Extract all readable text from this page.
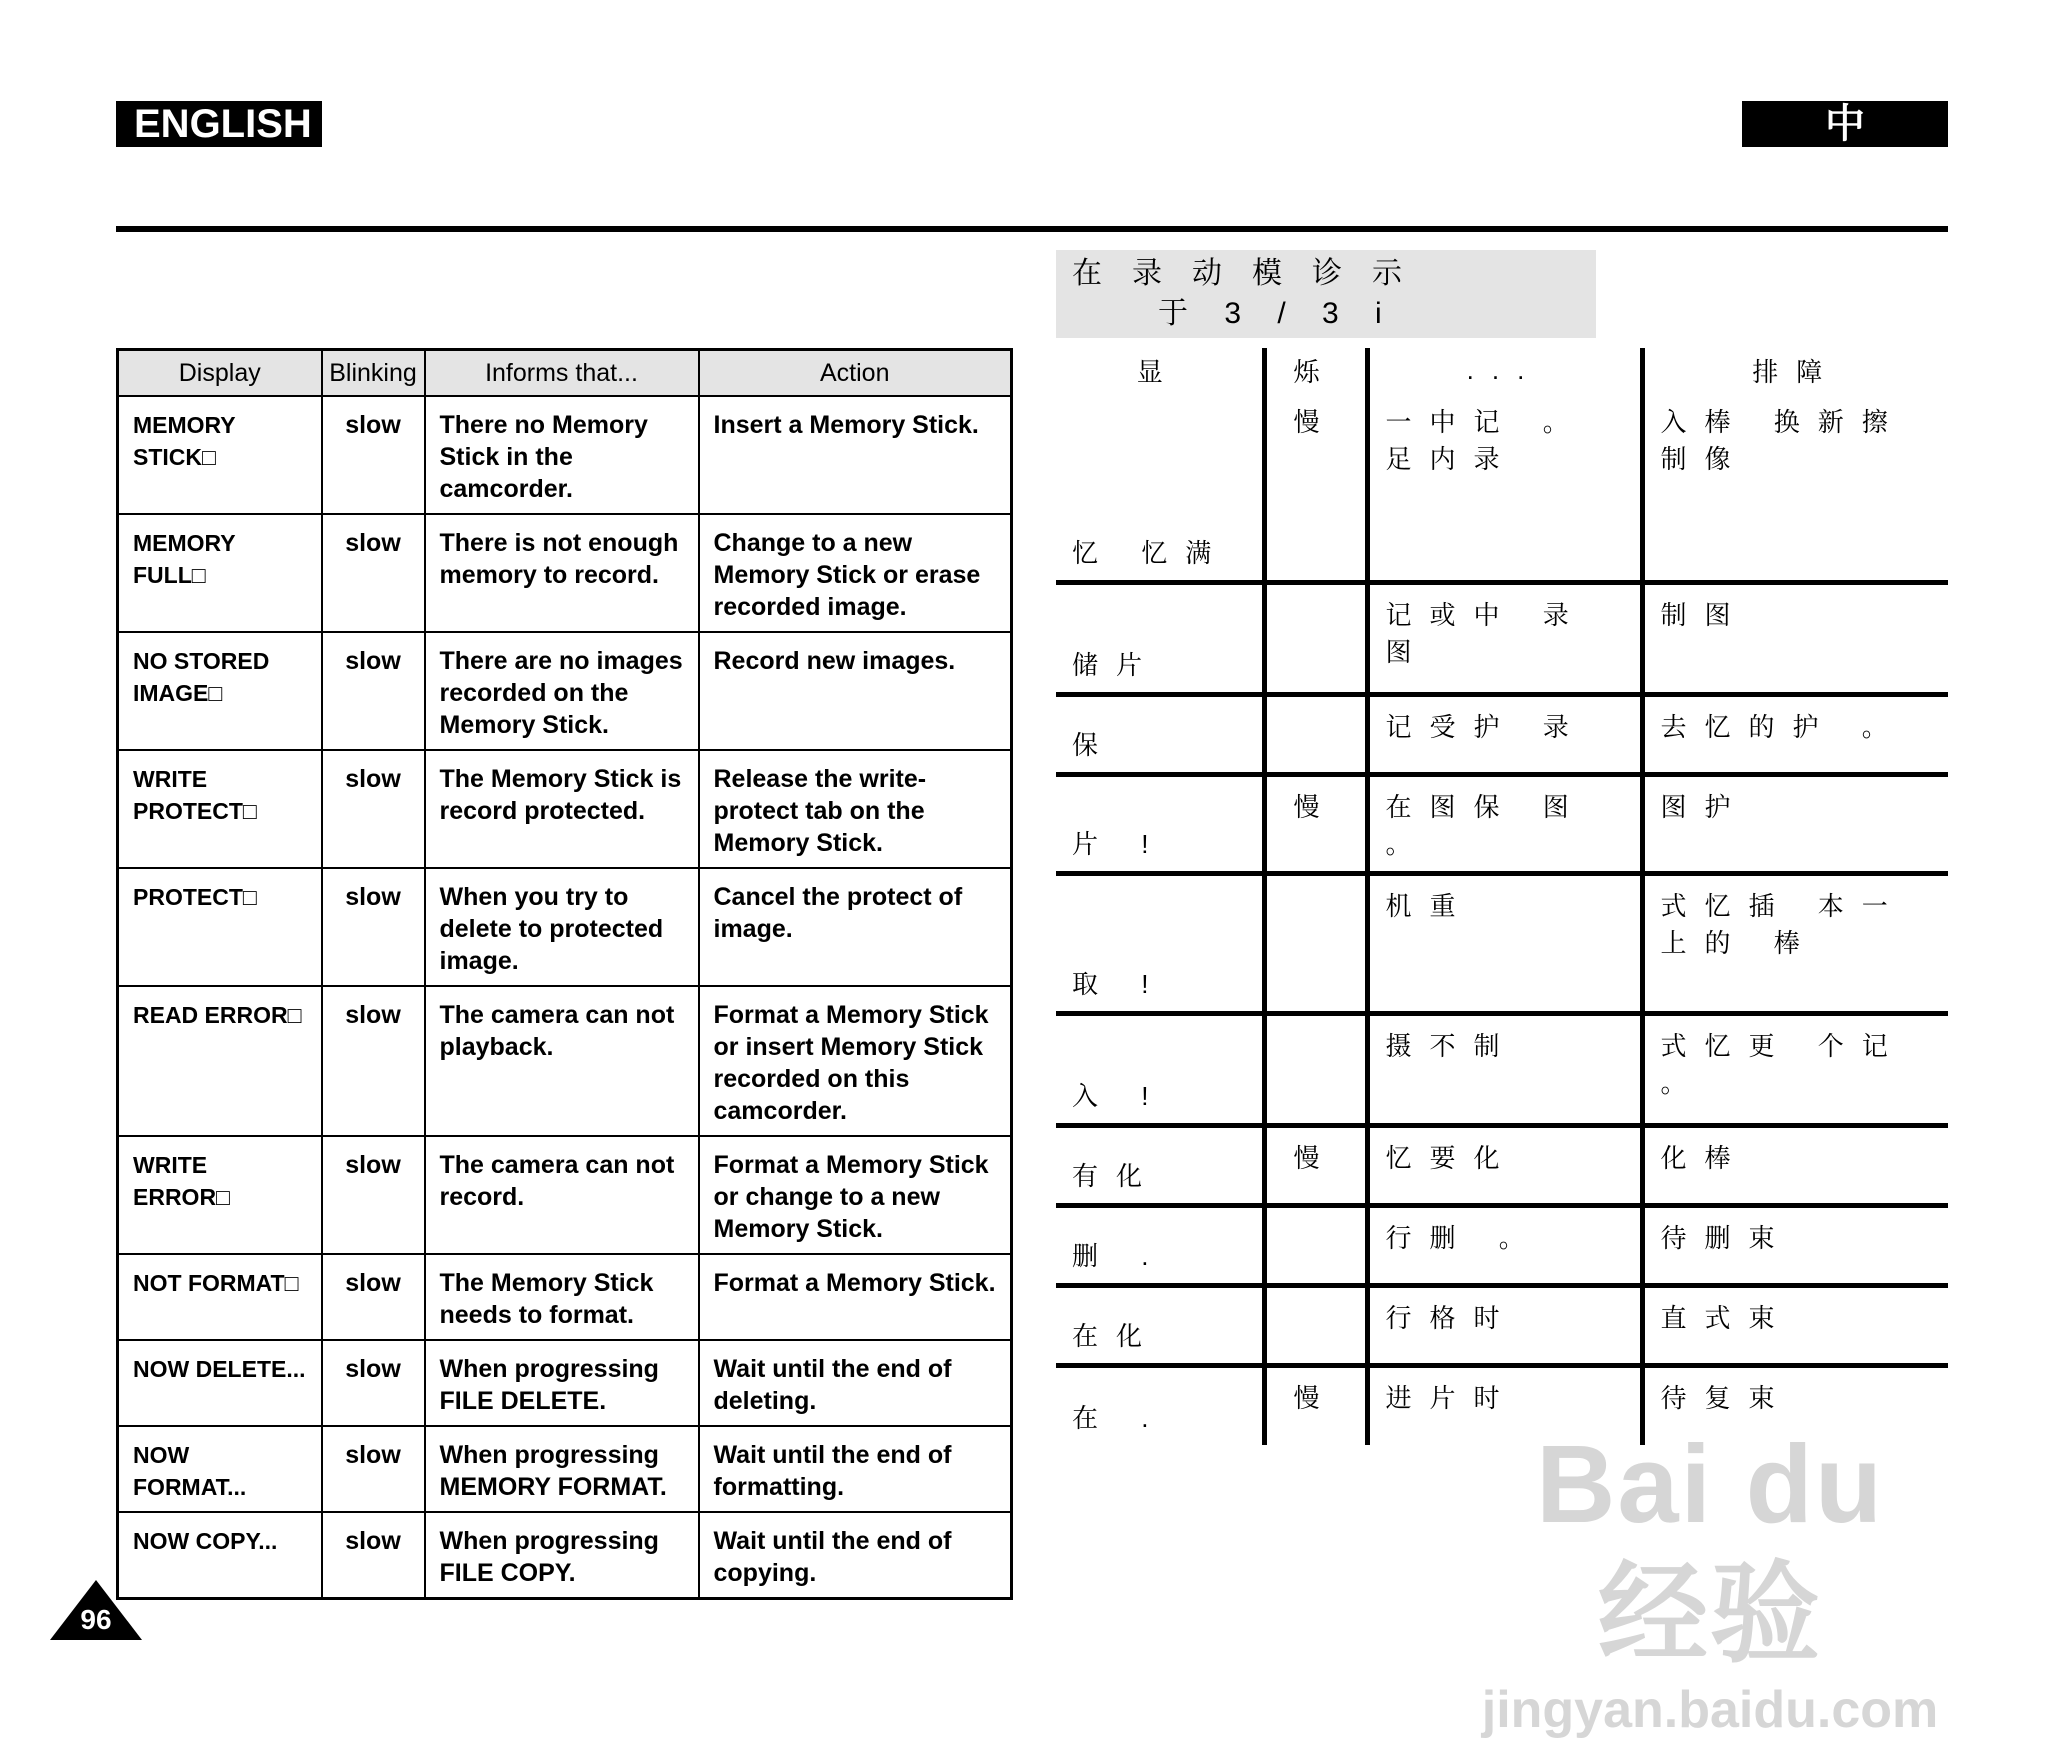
ENGLISH	中
Display	Blinking	Informs that...	Action
MEMORY STICK□	slow	There no Memory Stick in the camcorder.	Insert a Memory Stick.
MEMORY FULL□	slow	There is not enough memory to record.	Change to a new Memory Stick or erase recorded image.
NO STORED IMAGE□	slow	There are no images recorded on the Memory Stick.	Record new images.
WRITE PROTECT□	slow	The Memory Stick is record protected.	Release the write-protect tab on the Memory Stick.
PROTECT□	slow	When you try to delete to protected image.	Cancel the protect of image.
READ ERROR□	slow	The camera can not playback.	Format a Memory Stick or insert Memory Stick recorded on this camcorder.
WRITE ERROR□	slow	The camera can not record.	Format a Memory Stick or change to a new Memory Stick.
NOT FORMAT□	slow	The Memory Stick needs to format.	Format a Memory Stick.
NOW DELETE...	slow	When progressing FILE DELETE.	Wait until the end of deleting.
NOW FORMAT...	slow	When progressing MEMORY FORMAT.	Wait until the end of formatting.
NOW COPY...	slow	When progressing FILE COPY.	Wait until the end of copying.
在录动模诊示
于 3 / 3 i
显	烁	...	排障
忆 忆满	慢	一中记 。 足内录	入棒 换新擦 制像
储片		记或中 录图	制图
保		记受护 录	去忆的护 。
片 !	慢	在图保 图 。	图护
取 !		机重	式忆插 本一上的 棒
入 !		摄不制	式忆更 个记 。
有化	慢	忆要化	化棒
删 .		行删 。	待删束
在化		行格时	直式束
在 .	慢	进片时	待复束
96
Bai du 经验
jingyan.baidu.com
